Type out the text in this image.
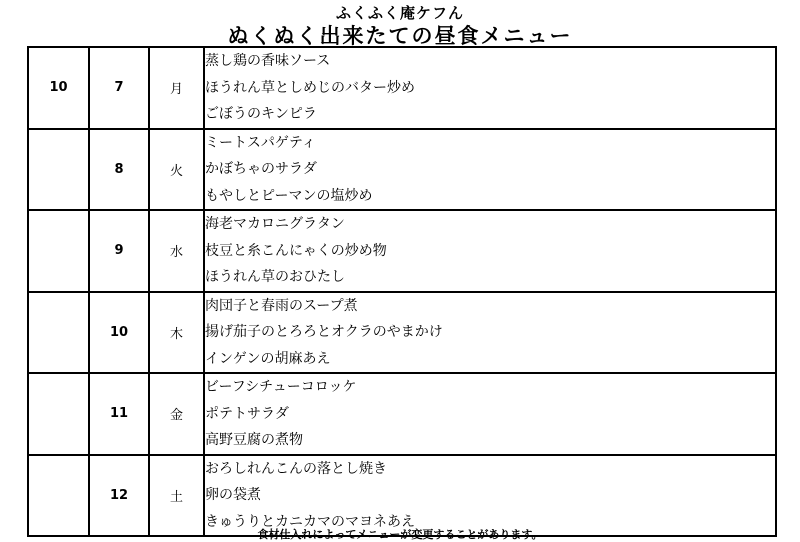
ふくふく庵ケフん
ぬくぬく出来たての昼食メニュー
10	7	月	蒸し鶏の香味ソース
ほうれん草としめじのバター炒め
ごぼうのキンピラ

	8	火	ミートスパゲティ
かぼちゃのサラダ
もやしとピーマンの塩炒め

	9	水	海老マカロニグラタン
枝豆と糸こんにゃくの炒め物
ほうれん草のおひたし

	10	木	肉団子と春雨のスープ煮
揚げ茄子のとろろとオクラのやまかけ
インゲンの胡麻あえ

	11	金	ビーフシチューコロッケ
ポテトサラダ
高野豆腐の煮物

	12	土	おろしれんこんの落とし焼き
卵の袋煮
きゅうりとカニカマのマヨネあえ
食材仕入れによってメニューが変更することがあります。
